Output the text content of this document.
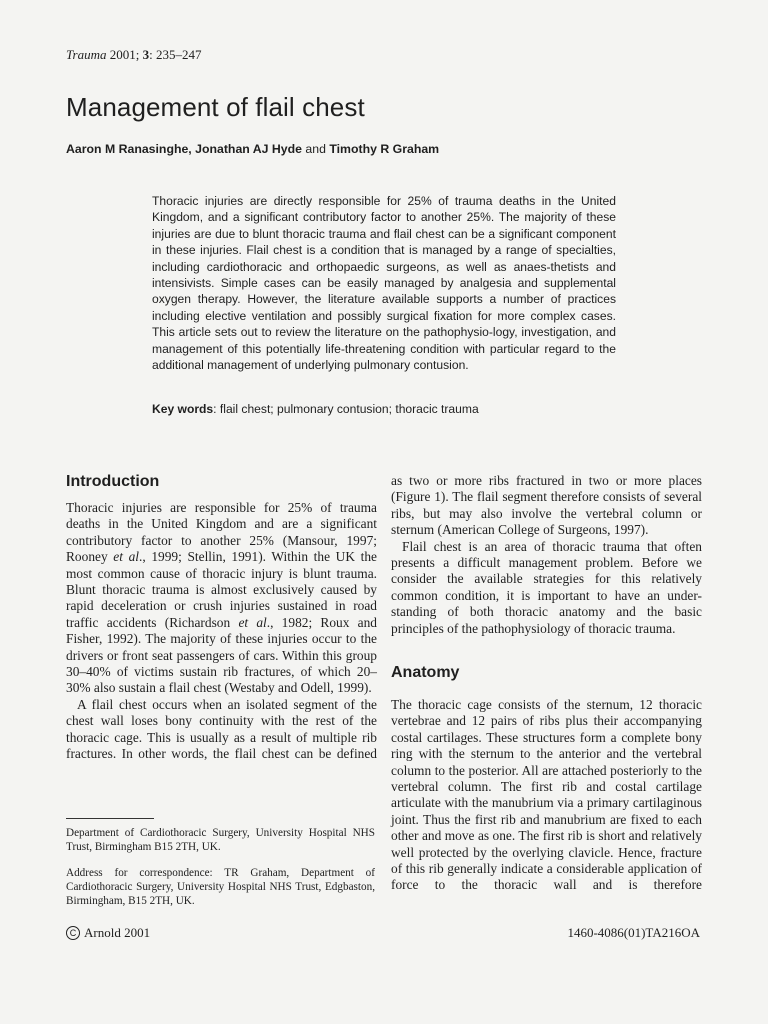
Trauma 2001; 3: 235–247
Management of flail chest
Aaron M Ranasinghe, Jonathan AJ Hyde and Timothy R Graham

Thoracic injuries are directly responsible for 25% of trauma deaths in the United Kingdom, and a significant contributory factor to another 25%. The majority of these injuries are due to blunt thoracic trauma and flail chest can be a significant component in these injuries. Flail chest is a condition that is managed by a range of specialties, including cardiothoracic and orthopaedic surgeons, as well as anaes-thetists and intensivists. Simple cases can be easily managed by analgesia and supplemental oxygen therapy. However, the literature available supports a number of practices including elective ventilation and possibly surgical fixation for more complex cases. This article sets out to review the literature on the pathophysio-logy, investigation, and management of this potentially life-threatening condition with particular regard to the additional management of underlying pulmonary contusion.

Key words: flail chest; pulmonary contusion; thoracic trauma
Introduction

Thoracic injuries are responsible for 25% of trauma deaths in the United Kingdom and are a significant contributory factor to another 25% (Mansour, 1997; Rooney et al., 1999; Stellin, 1991). Within the UK the most common cause of thoracic injury is blunt trauma. Blunt thoracic trauma is almost exclusively caused by rapid deceleration or crush injuries sustained in road traffic accidents (Richardson et al., 1982; Roux and Fisher, 1992). The majority of these injuries occur to the drivers or front seat passengers of cars. Within this group 30–40% of victims sustain rib fractures, of which 20–30% also sustain a flail chest (Westaby and Odell, 1999).

A flail chest occurs when an isolated segment of the chest wall loses bony continuity with the rest of the thoracic cage. This is usually as a result of multiple rib fractures. In other words, the flail chest can be defined

as two or more ribs fractured in two or more places (Figure 1). The flail segment therefore consists of several ribs, but may also involve the vertebral column or sternum (American College of Surgeons, 1997).

Flail chest is an area of thoracic trauma that often presents a difficult management problem. Before we consider the available strategies for this relatively common condition, it is important to have an under-standing of both thoracic anatomy and the basic principles of the pathophysiology of thoracic trauma.

Anatomy

The thoracic cage consists of the sternum, 12 thoracic vertebrae and 12 pairs of ribs plus their accompanying costal cartilages. These structures form a complete bony ring with the sternum to the anterior and the vertebral column to the posterior. All are attached posteriorly to the vertebral column. The first rib and costal cartilage articulate with the manubrium via a primary cartilaginous joint. Thus the first rib and manubrium are fixed to each other and move as one. The first rib is short and relatively well protected by the overlying clavicle. Hence, fracture of this rib generally indicate a considerable application of force to the thoracic wall and is therefore

Department of Cardiothoracic Surgery, University Hospital NHS Trust, Birmingham B15 2TH, UK.

Address for correspondence: TR Graham, Department of Cardiothoracic Surgery, University Hospital NHS Trust, Edgbaston, Birmingham, B15 2TH, UK.

C Arnold 2001	1460-4086(01)TA216OA
